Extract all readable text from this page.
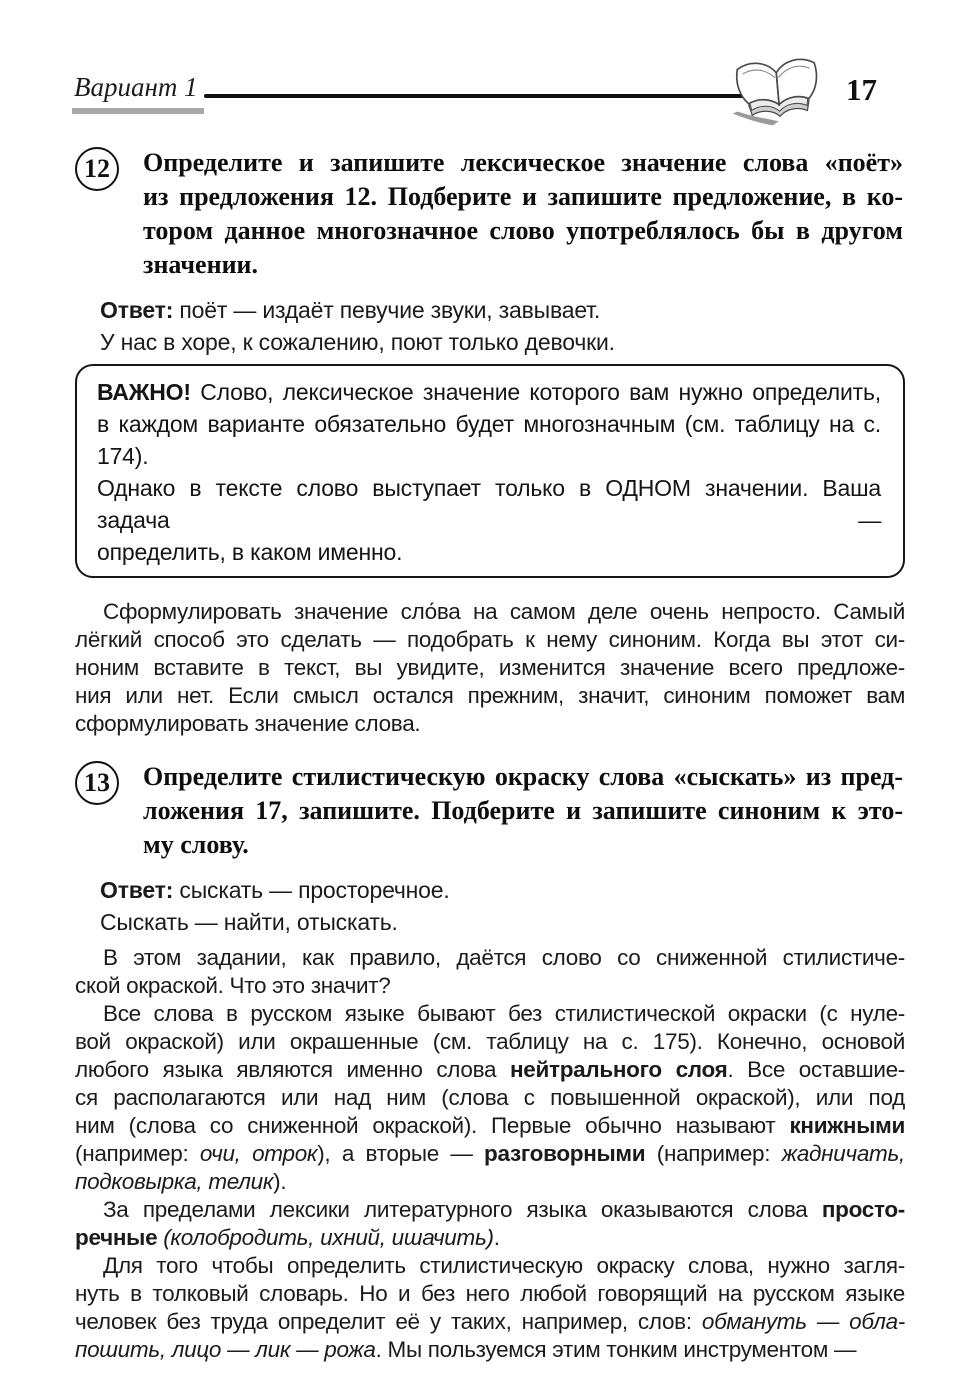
Вариант 1	17
12	Определите и запишите лексическое значение слова «поёт»
из предложения 12. Подберите и запишите предложение, в ко-
тором данное многозначное слово употреблялось бы в другом
значении.
Ответ: поёт — издаёт певучие звуки, завывает.
У нас в хоре, к сожалению, поют только девочки.
ВАЖНО! Слово, лексическое значение которого вам нужно определить,
в каждом варианте обязательно будет многозначным (см. таблицу на с. 174).
Однако в тексте слово выступает только в ОДНОМ значении. Ваша задача —
определить, в каком именно.
Сформулировать значение сло́ва на самом деле очень непросто. Самый
лёгкий способ это сделать — подобрать к нему синоним. Когда вы этот си-
ноним вставите в текст, вы увидите, изменится значение всего предложе-
ния или нет. Если смысл остался прежним, значит, синоним поможет вам
сформулировать значение слова.
13	Определите стилистическую окраску слова «сыскать» из пред-
ложения 17, запишите. Подберите и запишите синоним к это-
му слову.
Ответ: сыскать — просторечное.
Сыскать — найти, отыскать.
В этом задании, как правило, даётся слово со сниженной стилистиче-
ской окраской. Что это значит?
Все слова в русском языке бывают без стилистической окраски (с нуле-
вой окраской) или окрашенные (см. таблицу на с. 175). Конечно, основой
любого языка являются именно слова нейтрального слоя. Все оставшие-
ся располагаются или над ним (слова с повышенной окраской), или под
ним (слова со сниженной окраской). Первые обычно называют книжными
(например: очи, отрок), а вторые — разговорными (например: жадничать,
подковырка, телик).
За пределами лексики литературного языка оказываются слова просто-
речные (колобродить, ихний, ишачить).
Для того чтобы определить стилистическую окраску слова, нужно загля-
нуть в толковый словарь. Но и без него любой говорящий на русском языке
человек без труда определит её у таких, например, слов: обмануть — обла-
пошить, лицо — лик — рожа. Мы пользуемся этим тонким инструментом —
